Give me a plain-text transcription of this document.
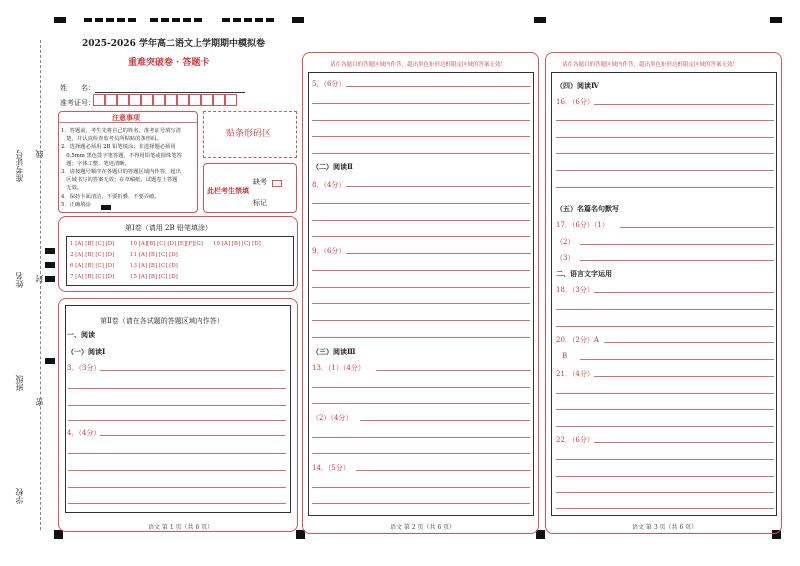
准考证号 线
姓名 封
班级
密
学校
2025-2026 学年高二语文上学期期中模拟卷
重难突破卷 · 答题卡
姓　　名：
准考证号：
注意事项
1．答题前，考生先将自己的姓名，准考证号填写清
　楚，并认真检查监考员所粘贴的条形码。
2．选择题必须用 2B 铅笔填涂；非选择题必须用
　0.5mm 黑色签字笔答题，不得用铅笔或圆珠笔答
　题；字体工整、笔迹清晰。
3．请按题号顺序在各题目的答题区域内作答，超出
　区域书写的答案无效；在草稿纸、试题卷上答题
　无效。
4．保持卡面清洁，不要折叠、不要弄破。
5．正确填涂
贴条形码区
此栏考生禁填
缺考
标记
第Ⅰ卷（请用 2B 铅笔填涂）
1 [A] [B] [C] [D]
2 [A] [B] [C] [D]
6 [A] [B] [C] [D]
7 [A] [B] [C] [D]
10 [A][B] [C] [D] [E][F][G]
11 [A] [B] [C] [D]
13 [A] [B] [C] [D]
15 [A] [B] [C] [D]
19 [A] [B] [C] [D]
第Ⅱ卷（请在各试题的答题区域内作答）
一、阅读
（一）阅读Ⅰ
3．（3分）
4．（4分）
语文 第 1 页（共 6 页）
请在各题目的答题区域内作答，超出黑色矩形边框限定区域的答案无效！
5．（6分）
（二）阅读Ⅱ
8．（4分）
9．（6分）
（三）阅读Ⅲ
13．（1）（4分）
（2）（4分）
14．（5分）
语文 第 2 页（共 6 页）
请在各题目的答题区域内作答，超出黑色矩形边框限定区域的答案无效！
（四）阅读Ⅳ
16．（6分）
（五）名篇名句默写
17．（6分）（1）
（2）
（3）
二、语言文字运用
18．（3分）
20．（2分）A
B
21．（4分）
22．（6分）
语文 第 3 页（共 6 页）
